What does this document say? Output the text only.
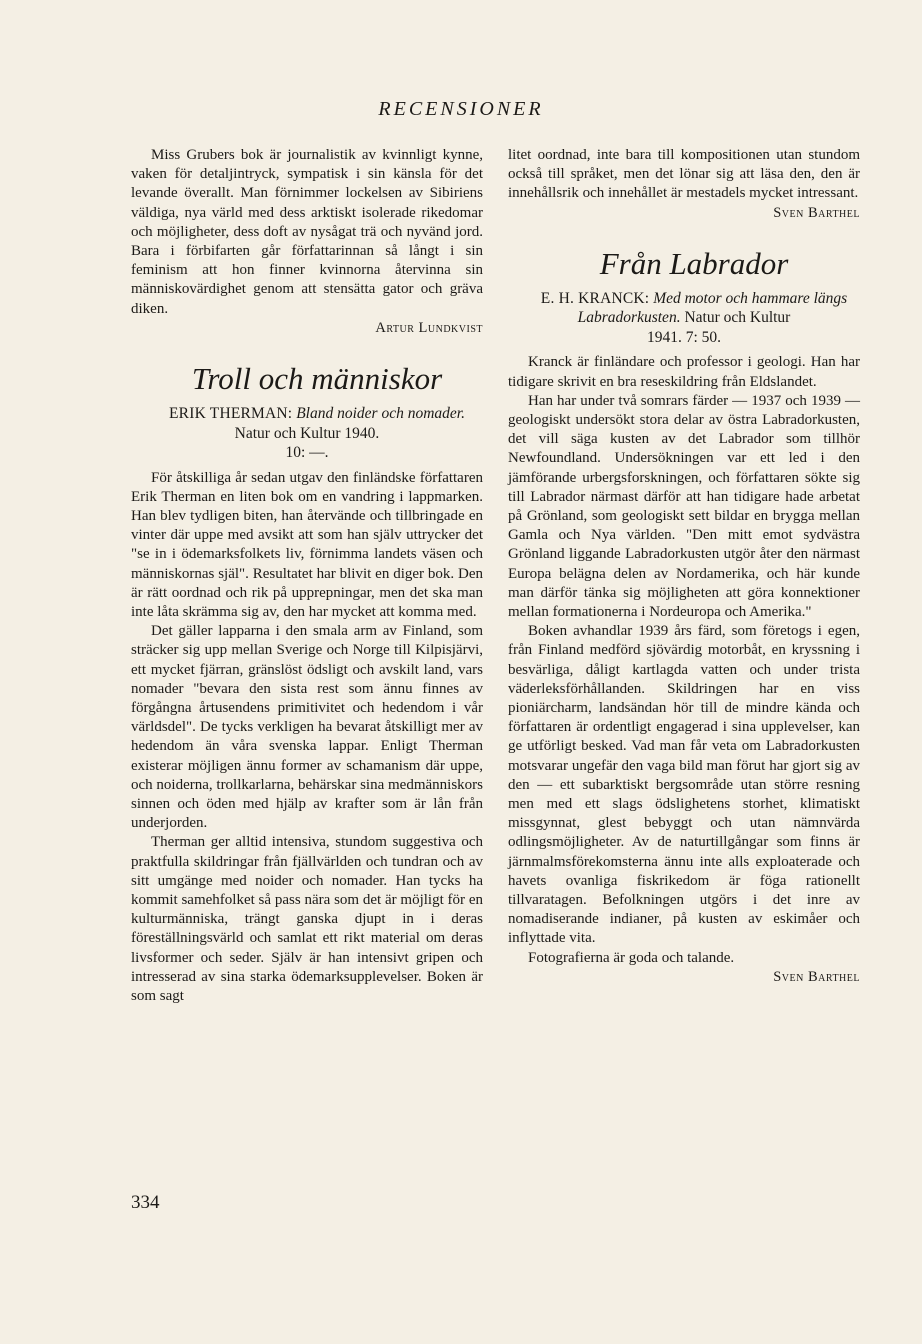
RECENSIONER

Miss Grubers bok är journalistik av kvinnligt kynne, vaken för detaljintryck, sympatisk i sin känsla för det levande överallt. Man förnimmer lockelsen av Sibiriens väldiga, nya värld med dess arktiskt isolerade rikedomar och möjligheter, dess doft av nysågat trä och nyvänd jord. Bara i förbifarten går författarinnan så långt i sin feminism att hon finner kvinnorna återvinna sin människovärdighet genom att stensätta gator och gräva diken.

Artur Lundkvist

Troll och människor

ERIK THERMAN: Bland noider och nomader.
Natur och Kultur 1940.
10: —.

För åtskilliga år sedan utgav den finländske författaren Erik Therman en liten bok om en vandring i lappmarken. Han blev tydligen biten, han återvände och tillbringade en vinter där uppe med avsikt att som han själv uttrycker det "se in i ödemarksfolkets liv, förnimma landets väsen och människornas själ". Resultatet har blivit en diger bok. Den är rätt oordnad och rik på upprepningar, men det ska man inte låta skrämma sig av, den har mycket att komma med.

Det gäller lapparna i den smala arm av Finland, som sträcker sig upp mellan Sverige och Norge till Kilpisjärvi, ett mycket fjärran, gränslöst ödsligt och avskilt land, vars nomader "bevara den sista rest som ännu finnes av förgångna årtusendens primitivitet och hedendom i vår världsdel". De tycks verkligen ha bevarat åtskilligt mer av hedendom än våra svenska lappar. Enligt Therman existerar möjligen ännu former av schamanism där uppe, och noiderna, trollkarlarna, behärskar sina medmänniskors sinnen och öden med hjälp av krafter som är lån från underjorden.

Therman ger alltid intensiva, stundom suggestiva och praktfulla skildringar från fjällvärlden och tundran och av sitt umgänge med noider och nomader. Han tycks ha kommit samehfolket så pass nära som det är möjligt för en kulturmänniska, trängt ganska djupt in i deras föreställningsvärld och samlat ett rikt material om deras livsformer och seder. Själv är han intensivt gripen och intresserad av sina starka ödemarksupplevelser. Boken är som sagt

litet oordnad, inte bara till kompositionen utan stundom också till språket, men det lönar sig att läsa den, den är innehållsrik och innehållet är mestadels mycket intressant.

Sven Barthel

Från Labrador

E. H. KRANCK: Med motor och hammare längs Labradorkusten. Natur och Kultur
1941. 7: 50.

Kranck är finländare och professor i geologi. Han har tidigare skrivit en bra reseskildring från Eldslandet.

Han har under två somrars färder — 1937 och 1939 — geologiskt undersökt stora delar av östra Labradorkusten, det vill säga kusten av det Labrador som tillhör Newfoundland. Undersökningen var ett led i den jämförande urbergsforskningen, och författaren sökte sig till Labrador närmast därför att han tidigare hade arbetat på Grönland, som geologiskt sett bildar en brygga mellan Gamla och Nya världen. "Den mitt emot sydvästra Grönland liggande Labradorkusten utgör åter den närmast Europa belägna delen av Nordamerika, och här kunde man därför tänka sig möjligheten att göra konnektioner mellan formationerna i Nordeuropa och Amerika."

Boken avhandlar 1939 års färd, som företogs i egen, från Finland medförd sjövärdig motorbåt, en kryssning i besvärliga, dåligt kartlagda vatten och under trista väderleksförhållanden. Skildringen har en viss pioniärcharm, landsändan hör till de mindre kända och författaren är ordentligt engagerad i sina upplevelser, kan ge utförligt besked. Vad man får veta om Labradorkusten motsvarar ungefär den vaga bild man förut har gjort sig av den — ett subarktiskt bergsområde utan större resning men med ett slags ödslighetens storhet, klimatiskt missgynnat, glest bebyggt och utan nämnvärda odlingsmöjligheter. Av de naturtillgångar som finns är järnmalmsförekomsterna ännu inte alls exploaterade och havets ovanliga fiskrikedom är föga rationellt tillvaratagen. Befolkningen utgörs i det inre av nomadiserande indianer, på kusten av eskimåer och inflyttade vita.

Fotografierna är goda och talande.

Sven Barthel

334
